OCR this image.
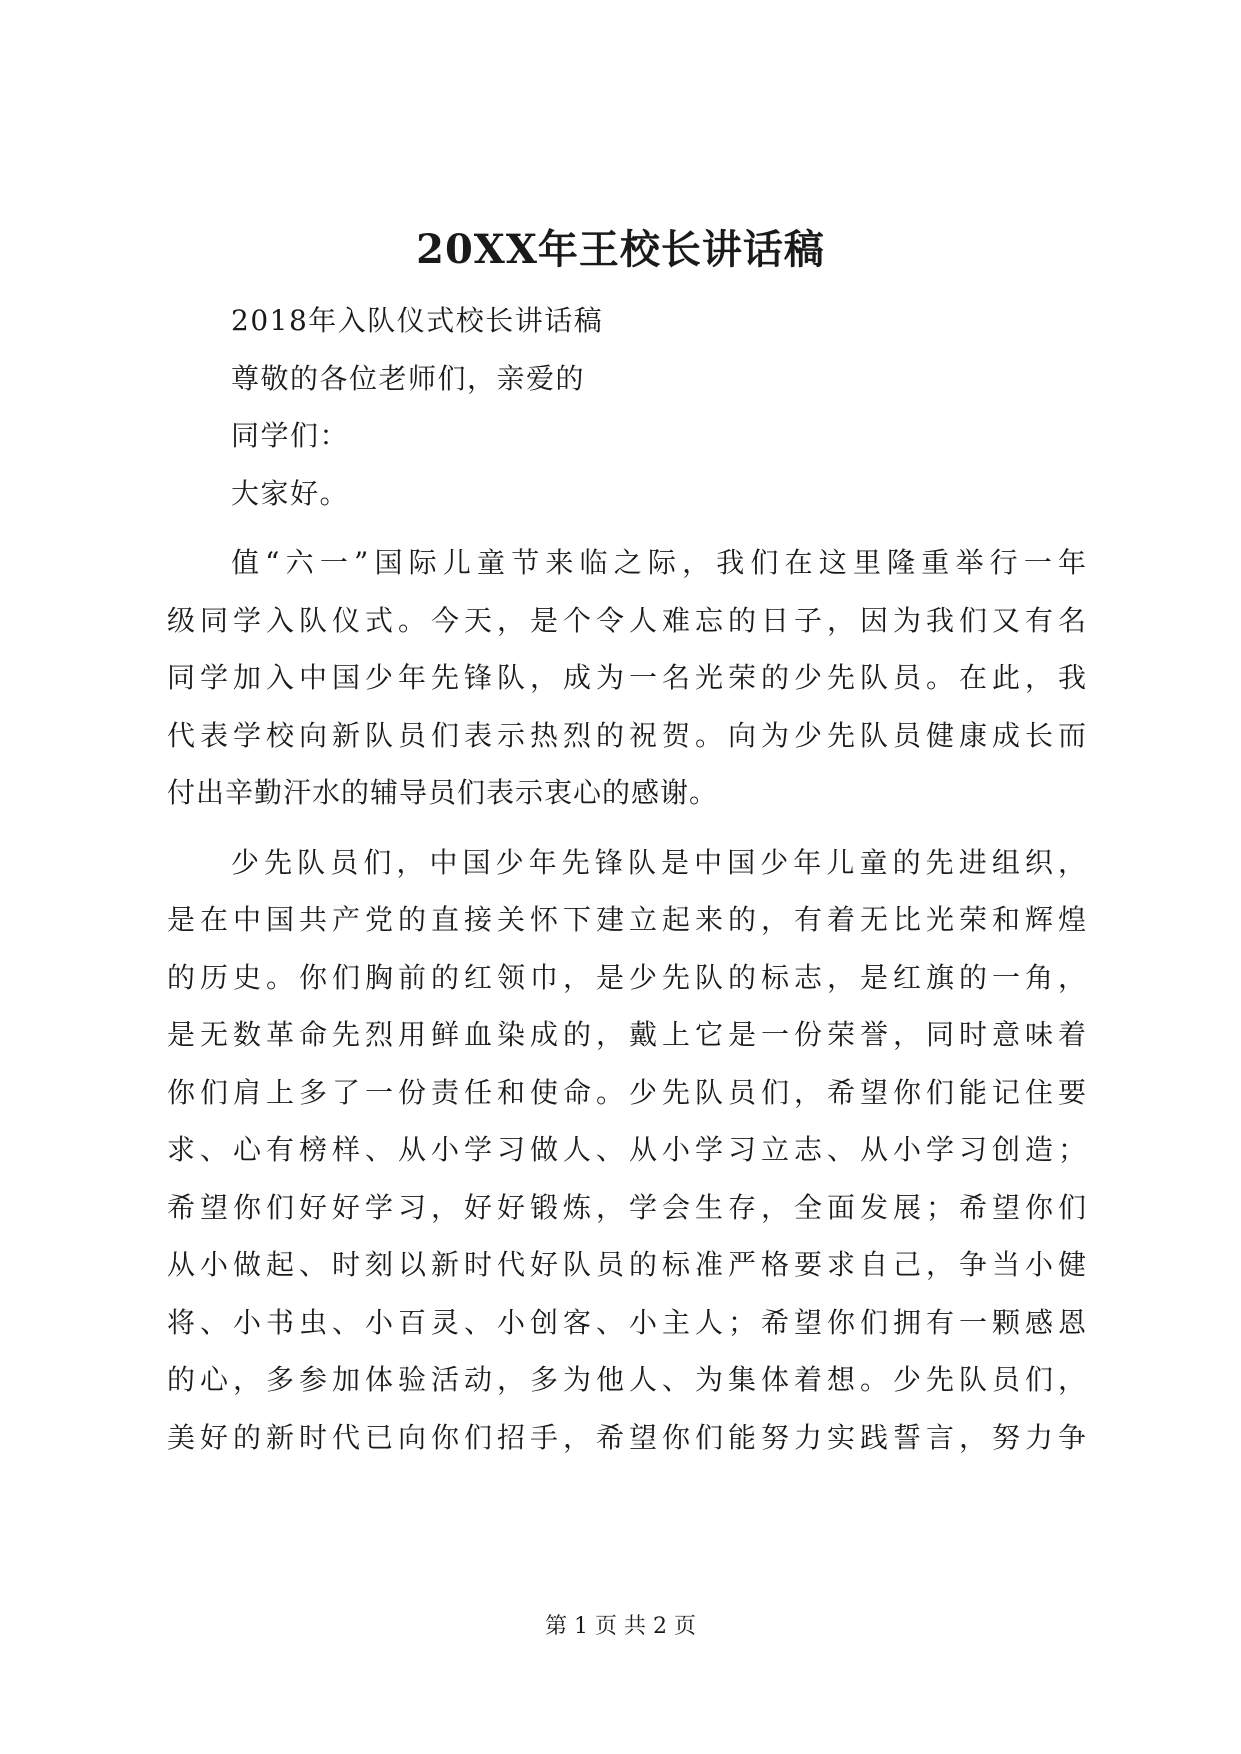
20XX年王校长讲话稿
2018年入队仪式校长讲话稿
尊敬的各位老师们，亲爱的
同学们：
大家好。
值“六一”国际儿童节来临之际，我们在这里隆重举行一年
级同学入队仪式。今天，是个令人难忘的日子，因为我们又有名
同学加入中国少年先锋队，成为一名光荣的少先队员。在此，我
代表学校向新队员们表示热烈的祝贺。向为少先队员健康成长而
付出辛勤汗水的辅导员们表示衷心的感谢。
少先队员们，中国少年先锋队是中国少年儿童的先进组织，
是在中国共产党的直接关怀下建立起来的，有着无比光荣和辉煌
的历史。你们胸前的红领巾，是少先队的标志，是红旗的一角，
是无数革命先烈用鲜血染成的，戴上它是一份荣誉，同时意味着
你们肩上多了一份责任和使命。少先队员们，希望你们能记住要
求、心有榜样、从小学习做人、从小学习立志、从小学习创造；
希望你们好好学习，好好锻炼，学会生存，全面发展；希望你们
从小做起、时刻以新时代好队员的标准严格要求自己，争当小健
将、小书虫、小百灵、小创客、小主人；希望你们拥有一颗感恩
的心，多参加体验活动，多为他人、为集体着想。少先队员们，
美好的新时代已向你们招手，希望你们能努力实践誓言，努力争
第 1 页 共 2 页
